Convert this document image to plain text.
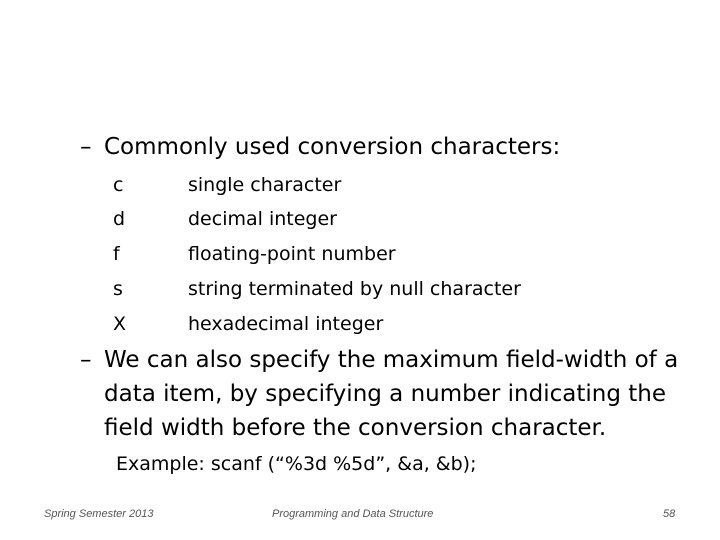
– Commonly used conversion characters:
c	single character
d	decimal integer
f	floating-point number
s	string terminated by null character
X	hexadecimal integer
– We can also specify the maximum field-width of a data item, by specifying a number indicating the field width before the conversion character.
Example: scanf (“%3d %5d”, &a, &b);
Spring Semester 2013	Programming and Data Structure	58
